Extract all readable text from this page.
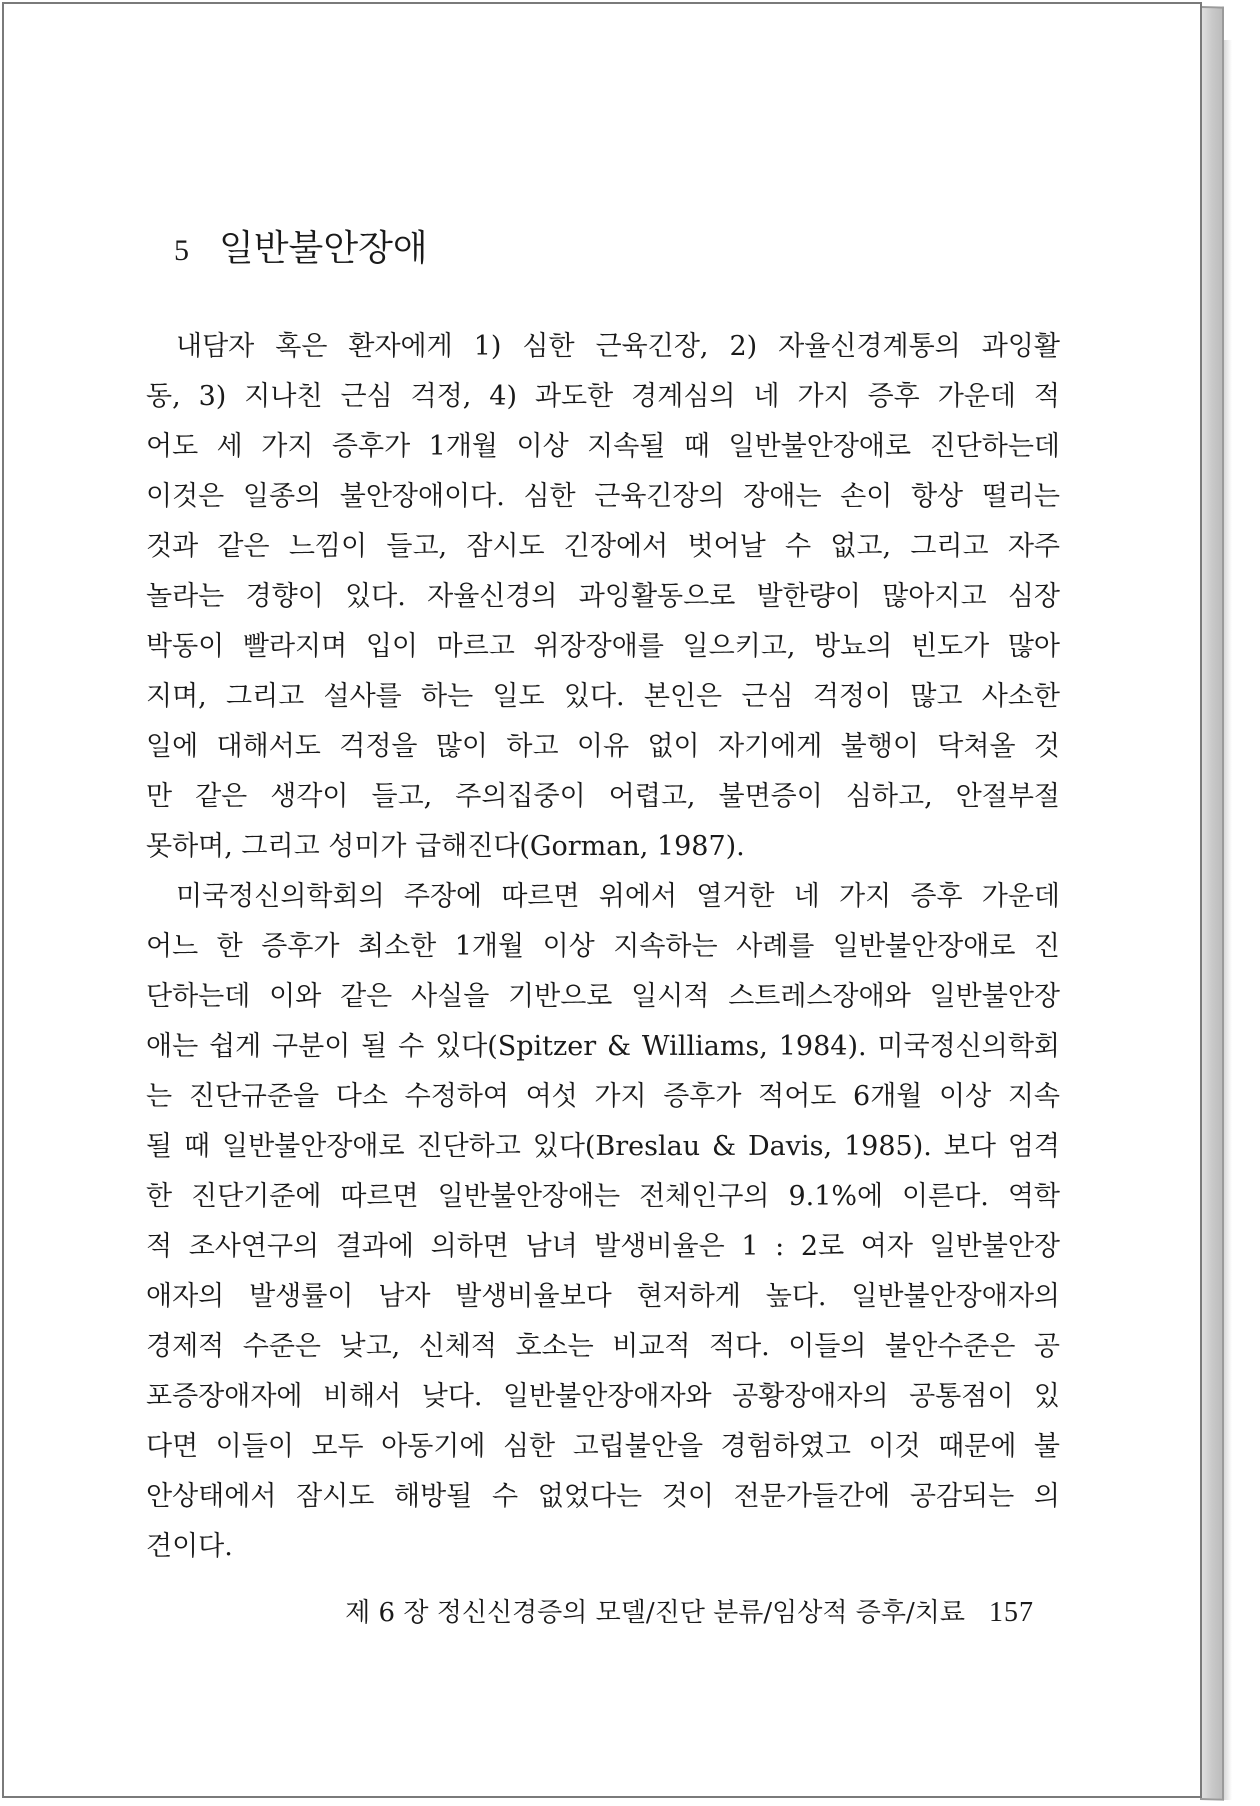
5 일반불안장애
내담자 혹은 환자에게 1) 심한 근육긴장, 2) 자율신경계통의 과잉활
동, 3) 지나친 근심 걱정, 4) 과도한 경계심의 네 가지 증후 가운데 적
어도 세 가지 증후가 1개월 이상 지속될 때 일반불안장애로 진단하는데
이것은 일종의 불안장애이다. 심한 근육긴장의 장애는 손이 항상 떨리는
것과 같은 느낌이 들고, 잠시도 긴장에서 벗어날 수 없고, 그리고 자주
놀라는 경향이 있다. 자율신경의 과잉활동으로 발한량이 많아지고 심장
박동이 빨라지며 입이 마르고 위장장애를 일으키고, 방뇨의 빈도가 많아
지며, 그리고 설사를 하는 일도 있다. 본인은 근심 걱정이 많고 사소한
일에 대해서도 걱정을 많이 하고 이유 없이 자기에게 불행이 닥쳐올 것
만 같은 생각이 들고, 주의집중이 어렵고, 불면증이 심하고, 안절부절
못하며, 그리고 성미가 급해진다(Gorman, 1987).
미국정신의학회의 주장에 따르면 위에서 열거한 네 가지 증후 가운데
어느 한 증후가 최소한 1개월 이상 지속하는 사례를 일반불안장애로 진
단하는데 이와 같은 사실을 기반으로 일시적 스트레스장애와 일반불안장
애는 쉽게 구분이 될 수 있다(Spitzer & Williams, 1984). 미국정신의학회
는 진단규준을 다소 수정하여 여섯 가지 증후가 적어도 6개월 이상 지속
될 때 일반불안장애로 진단하고 있다(Breslau & Davis, 1985). 보다 엄격
한 진단기준에 따르면 일반불안장애는 전체인구의 9.1%에 이른다. 역학
적 조사연구의 결과에 의하면 남녀 발생비율은 1 : 2로 여자 일반불안장
애자의 발생률이 남자 발생비율보다 현저하게 높다. 일반불안장애자의
경제적 수준은 낮고, 신체적 호소는 비교적 적다. 이들의 불안수준은 공
포증장애자에 비해서 낮다. 일반불안장애자와 공황장애자의 공통점이 있
다면 이들이 모두 아동기에 심한 고립불안을 경험하였고 이것 때문에 불
안상태에서 잠시도 해방될 수 없었다는 것이 전문가들간에 공감되는 의
견이다.
제 6 장 정신신경증의 모델/진단 분류/임상적 증후/치료 157
